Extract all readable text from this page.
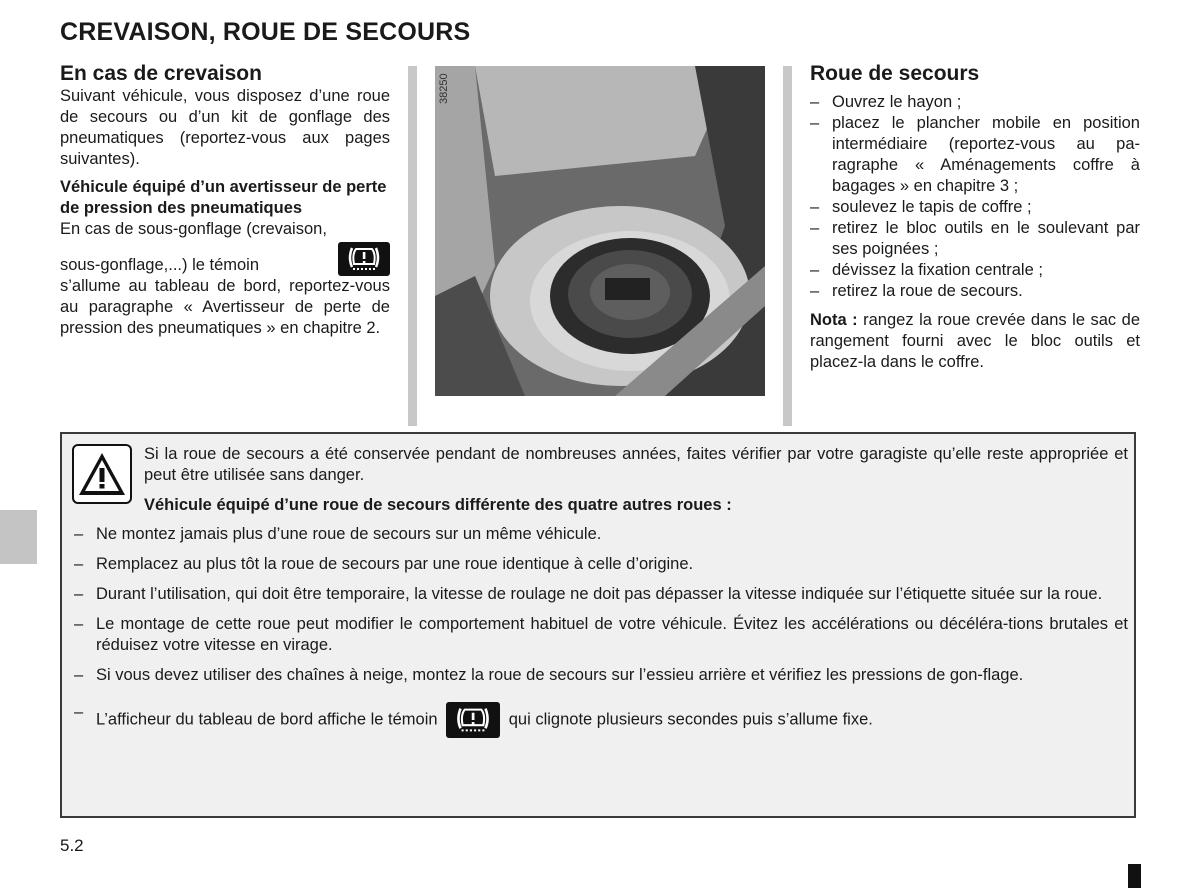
CREVAISON, ROUE DE SECOURS
En cas de crevaison

Suivant véhicule, vous disposez d’une roue de secours ou d’un kit de gonflage des pneumatiques (reportez-vous aux pages suivantes).

Véhicule équipé d’un avertisseur de perte de pression des pneumatiques

En cas de sous-gonflage (crevaison,

sous-gonflage,...) le témoin

s’allume au tableau de bord, reportez-vous au paragraphe « Avertisseur de perte de pression des pneumatiques » en chapitre 2.

38250	Roue de secours
– Ouvrez le hayon ;
– placez le plancher mobile en position intermédiaire (reportez-vous au pa-ragraphe « Aménagements coffre à bagages » en chapitre 3 ;
– soulevez le tapis de coffre ;
– retirez le bloc outils en le soulevant par ses poignées ;
– dévissez la fixation centrale ;
– retirez la roue de secours.

Nota : rangez la roue crevée dans le sac de rangement fourni avec le bloc outils et placez-la dans le coffre.

Si la roue de secours a été conservée pendant de nombreuses années, faites vérifier par votre garagiste qu’elle reste appropriée et peut être utilisée sans danger.

Véhicule équipé d’une roue de secours différente des quatre autres roues :

– Ne montez jamais plus d’une roue de secours sur un même véhicule.
– Remplacez au plus tôt la roue de secours par une roue identique à celle d’origine.
– Durant l’utilisation, qui doit être temporaire, la vitesse de roulage ne doit pas dépasser la vitesse indiquée sur l’étiquette située sur la roue.
– Le montage de cette roue peut modifier le comportement habituel de votre véhicule. Évitez les accélérations ou décéléra-tions brutales et réduisez votre vitesse en virage.
– Si vous devez utiliser des chaînes à neige, montez la roue de secours sur l’essieu arrière et vérifiez les pressions de gon-flage.
– L’afficheur du tableau de bord affiche le témoin	qui clignote plusieurs secondes puis s’allume fixe.
5.2
